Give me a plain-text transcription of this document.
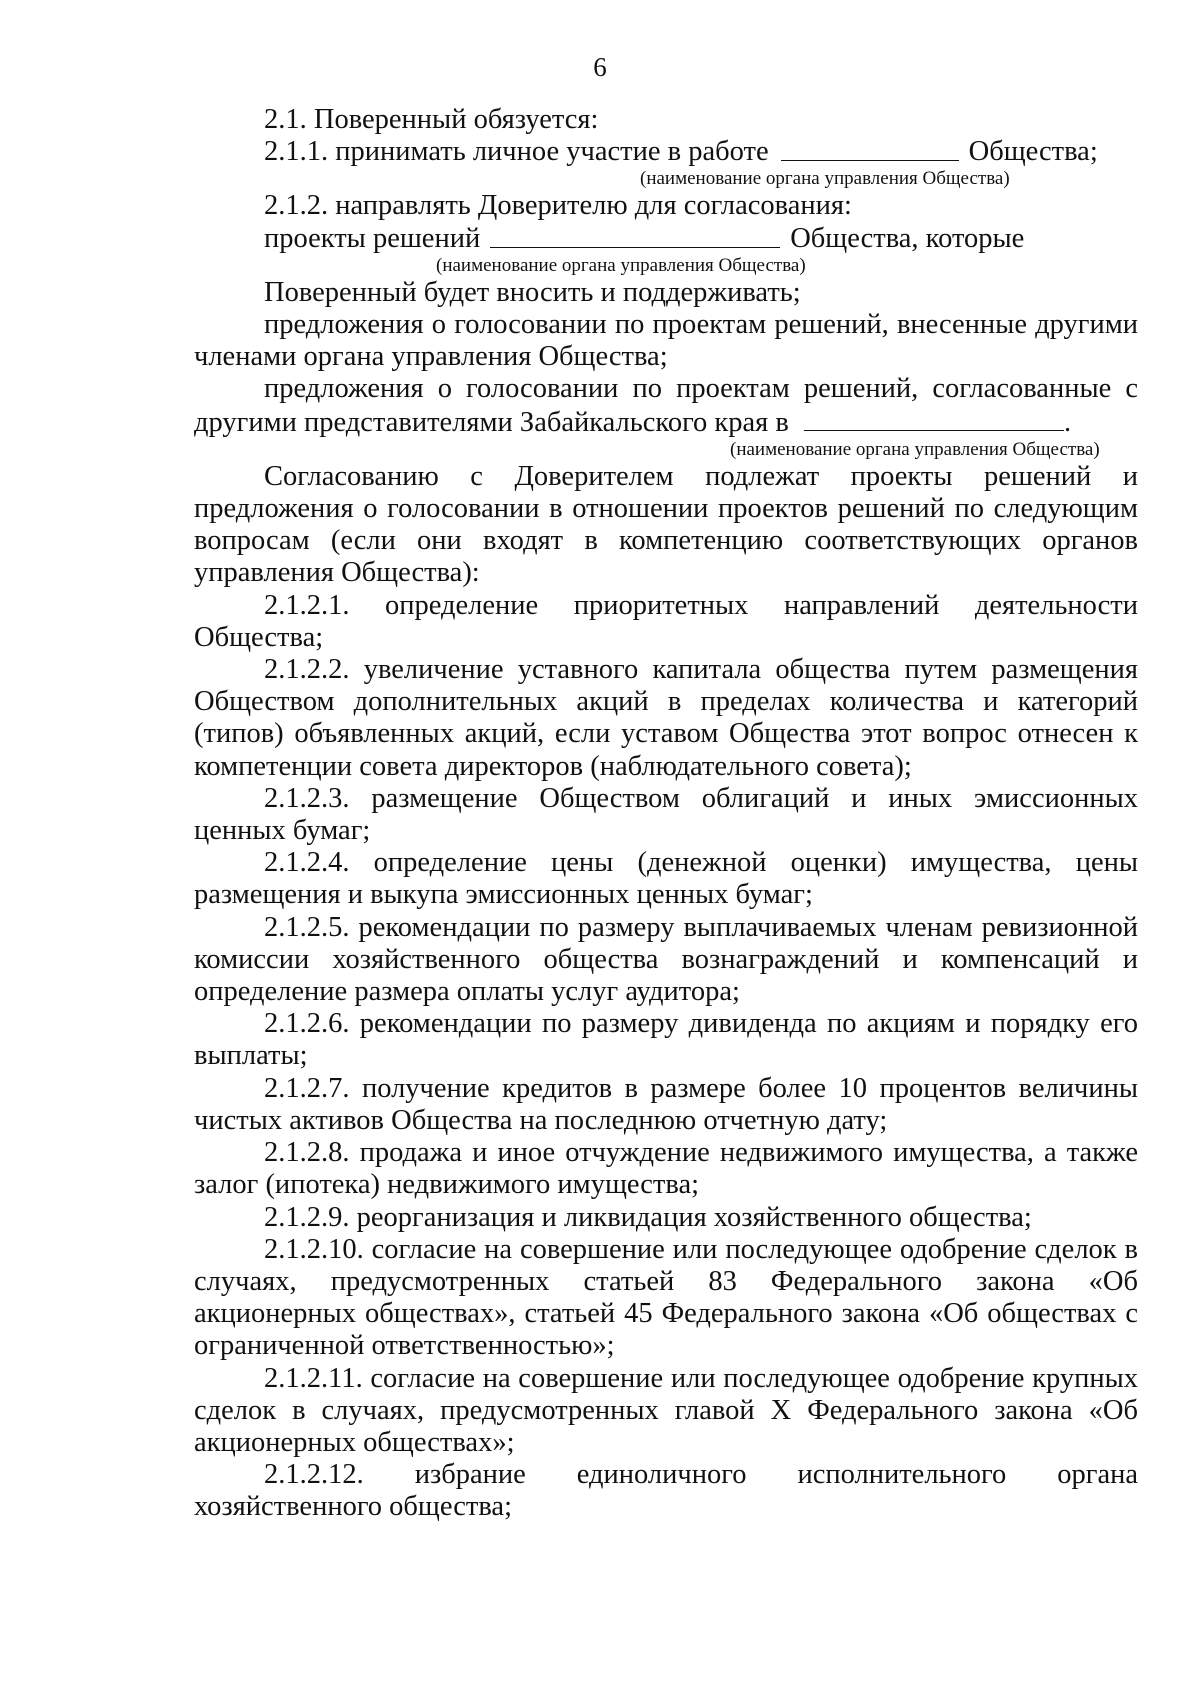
6

2.1. Поверенный обязуется:

2.1.1. принимать личное участие в работе	Общества;

(наименование органа управления Общества)

2.1.2. направлять Доверителю для согласования:

проекты решений	Общества, которые

(наименование органа управления Общества)

Поверенный будет вносить и поддерживать;

предложения о голосовании по проектам решений, внесенные другими членами органа управления Общества;

предложения о голосовании по проектам решений, согласованные с другими представителями Забайкальского края в	.

(наименование органа управления Общества)

Согласованию с Доверителем подлежат проекты решений и предложения о голосовании в отношении проектов решений по следующим вопросам (если они входят в компетенцию соответствующих органов управления Общества):

2.1.2.1. определение приоритетных направлений деятельности Общества;

2.1.2.2. увеличение уставного капитала общества путем размещения Обществом дополнительных акций в пределах количества и категорий (типов) объявленных акций, если уставом Общества этот вопрос отнесен к компетенции совета директоров (наблюдательного совета);

2.1.2.3. размещение Обществом облигаций и иных эмиссионных ценных бумаг;

2.1.2.4. определение цены (денежной оценки) имущества, цены размещения и выкупа эмиссионных ценных бумаг;

2.1.2.5. рекомендации по размеру выплачиваемых членам ревизионной комиссии хозяйственного общества вознаграждений и компенсаций и определение размера оплаты услуг аудитора;

2.1.2.6. рекомендации по размеру дивиденда по акциям и порядку его выплаты;

2.1.2.7. получение кредитов в размере более 10 процентов величины чистых активов Общества на последнюю отчетную дату;

2.1.2.8. продажа и иное отчуждение недвижимого имущества, а также залог (ипотека) недвижимого имущества;

2.1.2.9. реорганизация и ликвидация хозяйственного общества;

2.1.2.10. согласие на совершение или последующее одобрение сделок в случаях, предусмотренных статьей 83 Федерального закона «Об акционерных обществах», статьей 45 Федерального закона «Об обществах с ограниченной ответственностью»;

2.1.2.11. согласие на совершение или последующее одобрение крупных сделок в случаях, предусмотренных главой X Федерального закона «Об акционерных обществах»;

2.1.2.12. избрание единоличного исполнительного органа хозяйственного общества;
